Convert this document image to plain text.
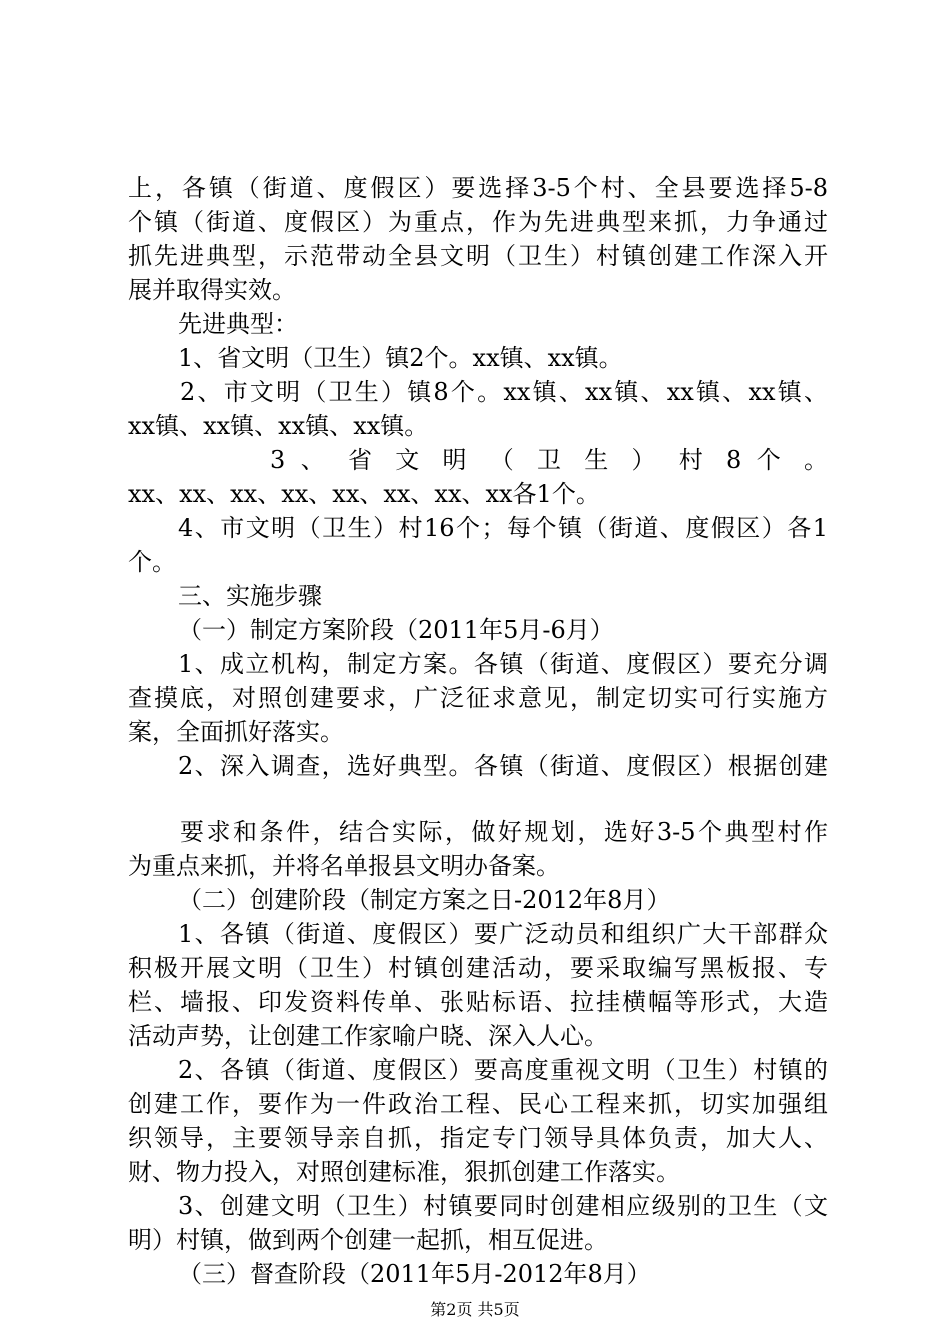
上，各镇（街道、度假区）要选择3-5个村、全县要选择5-8
个镇（街道、度假区）为重点，作为先进典型来抓，力争通过
抓先进典型，示范带动全县文明（卫生）村镇创建工作深入开
展并取得实效。
先进典型：
1、省文明（卫生）镇2个。xx镇、xx镇。
2、市文明（卫生）镇8个。xx镇、xx镇、xx镇、xx镇、
xx镇、xx镇、xx镇、xx镇。
3 、 省 文 明 （ 卫 生 ） 村 8 个 。
xx、xx、xx、xx、xx、xx、xx、xx各1个。
4、市文明（卫生）村16个；每个镇（街道、度假区）各1
个。
三、实施步骤
（一）制定方案阶段（2011年5月-6月）
1、成立机构，制定方案。各镇（街道、度假区）要充分调
查摸底，对照创建要求，广泛征求意见，制定切实可行实施方
案，全面抓好落实。
2、深入调查，选好典型。各镇（街道、度假区）根据创建
要求和条件，结合实际，做好规划，选好3-5个典型村作
为重点来抓，并将名单报县文明办备案。
（二）创建阶段（制定方案之日-2012年8月）
1、各镇（街道、度假区）要广泛动员和组织广大干部群众
积极开展文明（卫生）村镇创建活动，要采取编写黑板报、专
栏、墙报、印发资料传单、张贴标语、拉挂横幅等形式，大造
活动声势，让创建工作家喻户晓、深入人心。
2、各镇（街道、度假区）要高度重视文明（卫生）村镇的
创建工作，要作为一件政治工程、民心工程来抓，切实加强组
织领导，主要领导亲自抓，指定专门领导具体负责，加大人、
财、物力投入，对照创建标准，狠抓创建工作落实。
3、创建文明（卫生）村镇要同时创建相应级别的卫生（文
明）村镇，做到两个创建一起抓，相互促进。
（三）督查阶段（2011年5月-2012年8月）
第2页 共5页
